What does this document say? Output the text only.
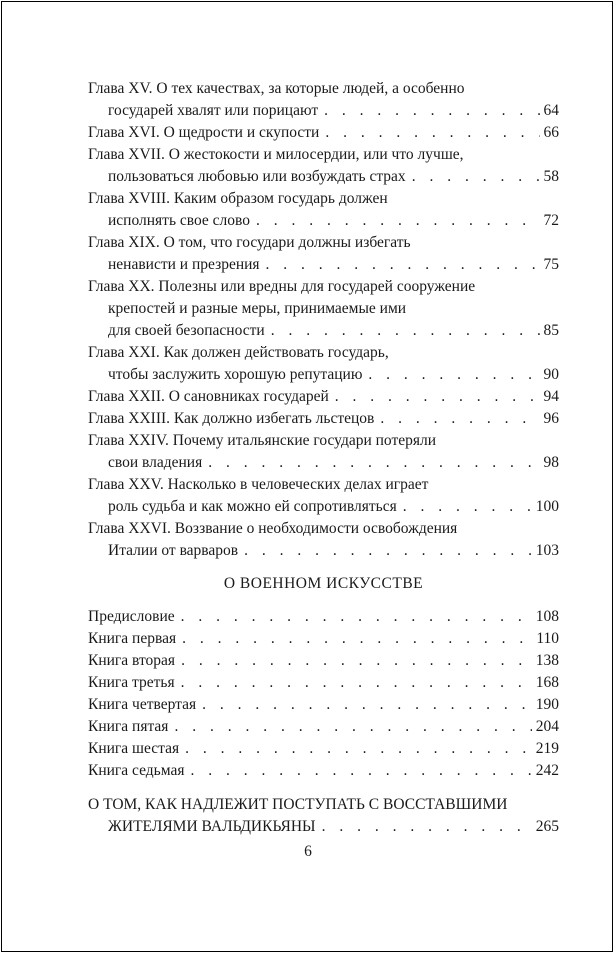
Глава XV. О тех качествах, за которые людей, а особенно
государей хвалят или порицают . . .	64
Глава XVI. О щедрости и скупости . . .	66
Глава XVII. О жестокости и милосердии, или что лучше,
пользоваться любовью или возбуждать страх . . .	58
Глава XVIII. Каким образом государь должен
исполнять свое слово . . .	72
Глава XIX. О том, что государи должны избегать
ненависти и презрения . . .	75
Глава XX. Полезны или вредны для государей сооружение
крепостей и разные меры, принимаемые ими
для своей безопасности . . .	85
Глава XXI. Как должен действовать государь,
чтобы заслужить хорошую репутацию . . .	90
Глава XXII. О сановниках государей . . .	94
Глава XXIII. Как должно избегать льстецов . . .	96
Глава XXIV. Почему итальянские государи потеряли
свои владения . . .	98
Глава XXV. Насколько в человеческих делах играет
роль судьба и как можно ей сопротивляться . . .	100
Глава XXVI. Воззвание о необходимости освобождения
Италии от варваров . . .	103
О ВОЕННОМ ИСКУССТВЕ
Предисловие . . .	108
Книга первая . . .	110
Книга вторая . . .	138
Книга третья . . .	168
Книга четвертая . . .	190
Книга пятая . . .	204
Книга шестая . . .	219
Книга седьмая . . .	242
О ТОМ, КАК НАДЛЕЖИТ ПОСТУПАТЬ С ВОССТАВШИМИ
ЖИТЕЛЯМИ ВАЛЬДИКЬЯНЫ . . .	265
6
